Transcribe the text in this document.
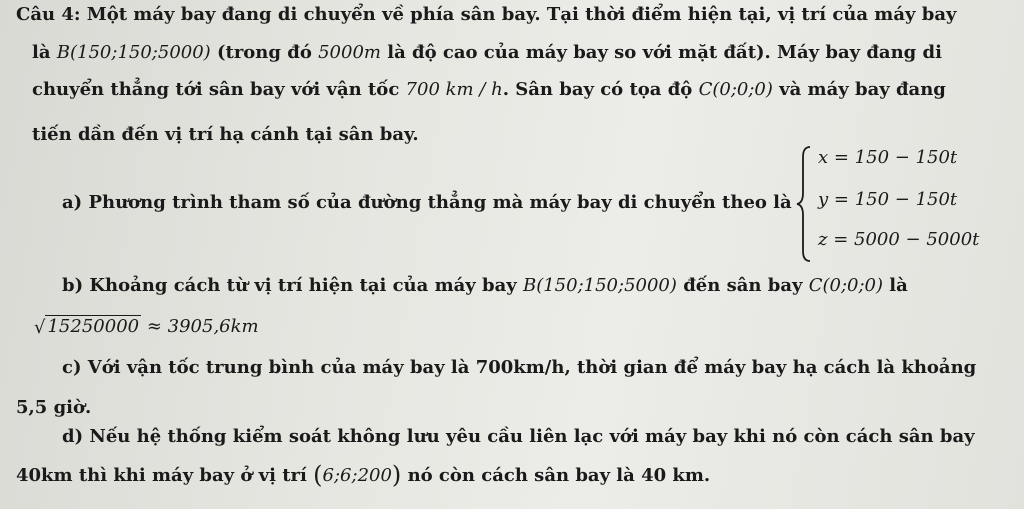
Câu 4: Một máy bay đang di chuyển về phía sân bay. Tại thời điểm hiện tại, vị trí của máy bay
là B(150;150;5000) (trong đó 5000m là độ cao của máy bay so với mặt đất). Máy bay đang di
chuyển thẳng tới sân bay với vận tốc 700 km / h. Sân bay có tọa độ C(0;0;0) và máy bay đang
tiến dần đến vị trí hạ cánh tại sân bay.
a) Phương trình tham số của đường thẳng mà máy bay di chuyển theo là
x = 150 − 150t
y = 150 − 150t
z = 5000 − 5000t
b) Khoảng cách từ vị trí hiện tại của máy bay B(150;150;5000) đến sân bay C(0;0;0) là
√ 15250000 ≈ 3905,6km
c) Với vận tốc trung bình của máy bay là 700km/h, thời gian để máy bay hạ cách là khoảng
5,5 giờ.
d) Nếu hệ thống kiểm soát không lưu yêu cầu liên lạc với máy bay khi nó còn cách sân bay
40km thì khi máy bay ở vị trí (6;6;200) nó còn cách sân bay là 40 km.
